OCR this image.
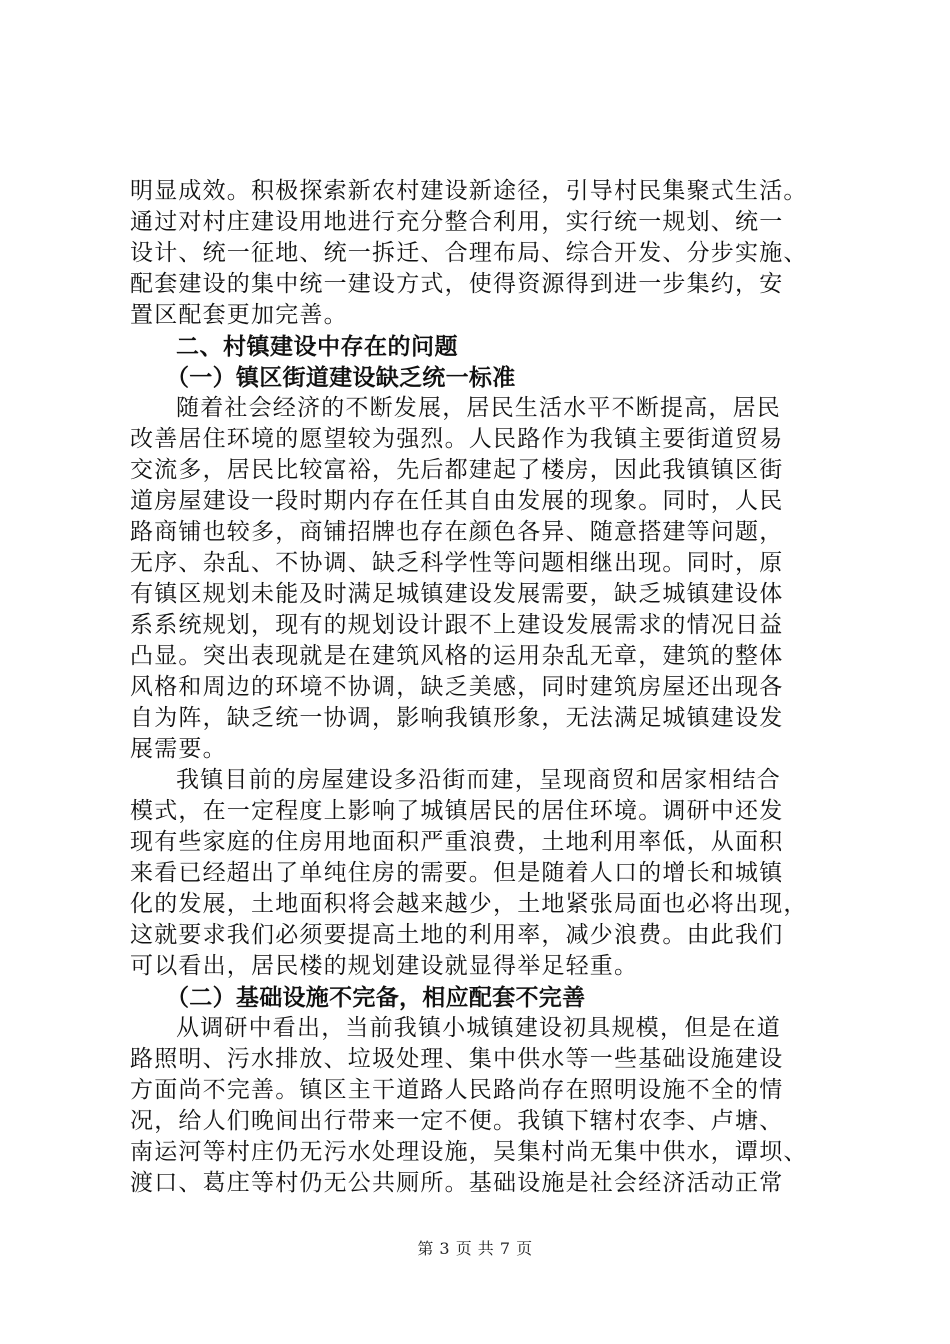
明显成效。积极探索新农村建设新途径，引导村民集聚式生活。
通过对村庄建设用地进行充分整合利用，实行统一规划、统一
设计、统一征地、统一拆迁、合理布局、综合开发、分步实施、
配套建设的集中统一建设方式，使得资源得到进一步集约，安
置区配套更加完善。
二、村镇建设中存在的问题
（一）镇区街道建设缺乏统一标准
随着社会经济的不断发展，居民生活水平不断提高，居民
改善居住环境的愿望较为强烈。人民路作为我镇主要街道贸易
交流多，居民比较富裕，先后都建起了楼房，因此我镇镇区街
道房屋建设一段时期内存在任其自由发展的现象。同时，人民
路商铺也较多，商铺招牌也存在颜色各异、随意搭建等问题，
无序、杂乱、不协调、缺乏科学性等问题相继出现。同时，原
有镇区规划未能及时满足城镇建设发展需要，缺乏城镇建设体
系系统规划，现有的规划设计跟不上建设发展需求的情况日益
凸显。突出表现就是在建筑风格的运用杂乱无章，建筑的整体
风格和周边的环境不协调，缺乏美感，同时建筑房屋还出现各
自为阵，缺乏统一协调，影响我镇形象，无法满足城镇建设发
展需要。
我镇目前的房屋建设多沿街而建，呈现商贸和居家相结合
模式，在一定程度上影响了城镇居民的居住环境。调研中还发
现有些家庭的住房用地面积严重浪费，土地利用率低，从面积
来看已经超出了单纯住房的需要。但是随着人口的增长和城镇
化的发展，土地面积将会越来越少，土地紧张局面也必将出现，
这就要求我们必须要提高土地的利用率，减少浪费。由此我们
可以看出，居民楼的规划建设就显得举足轻重。
（二）基础设施不完备，相应配套不完善
从调研中看出，当前我镇小城镇建设初具规模，但是在道
路照明、污水排放、垃圾处理、集中供水等一些基础设施建设
方面尚不完善。镇区主干道路人民路尚存在照明设施不全的情
况，给人们晚间出行带来一定不便。我镇下辖村农李、卢塘、
南运河等村庄仍无污水处理设施，吴集村尚无集中供水，谭坝、
渡口、葛庄等村仍无公共厕所。基础设施是社会经济活动正常
第 3 页 共 7 页
